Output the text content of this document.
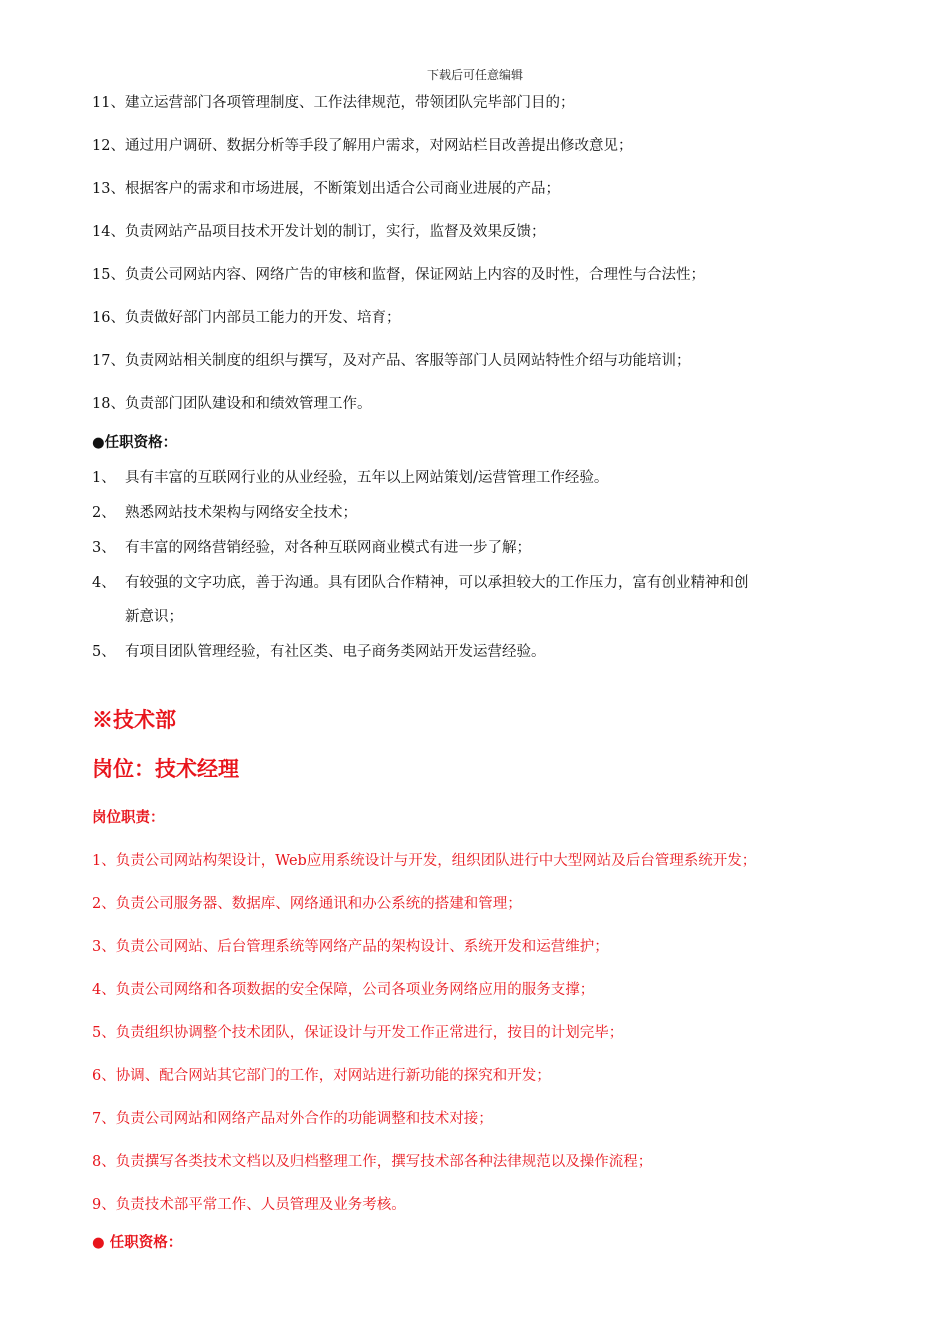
下载后可任意编辑
11、建立运营部门各项管理制度、工作法律规范，带领团队完毕部门目的；
12、通过用户调研、数据分析等手段了解用户需求，对网站栏目改善提出修改意见；
13、根据客户的需求和市场进展，不断策划出适合公司商业进展的产品；
14、负责网站产品项目技术开发计划的制订，实行，监督及效果反馈；
15、负责公司网站内容、网络广告的审核和监督，保证网站上内容的及时性，合理性与合法性；
16、负责做好部门内部员工能力的开发、培育；
17、负责网站相关制度的组织与撰写，及对产品、客服等部门人员网站特性介绍与功能培训；
18、负责部门团队建设和和绩效管理工作。
●任职资格：
1、 具有丰富的互联网行业的从业经验，五年以上网站策划/运营管理工作经验。
2、 熟悉网站技术架构与网络安全技术；
3、 有丰富的网络营销经验，对各种互联网商业模式有进一步了解；
4、 有较强的文字功底，善于沟通。具有团队合作精神，可以承担较大的工作压力，富有创业精神和创
新意识；
5、 有项目团队管理经验，有社区类、电子商务类网站开发运营经验。
※技术部
岗位：技术经理
岗位职责：
1、负责公司网站构架设计，Web应用系统设计与开发，组织团队进行中大型网站及后台管理系统开发；
2、负责公司服务器、数据库、网络通讯和办公系统的搭建和管理；
3、负责公司网站、后台管理系统等网络产品的架构设计、系统开发和运营维护；
4、负责公司网络和各项数据的安全保障，公司各项业务网络应用的服务支撑；
5、负责组织协调整个技术团队，保证设计与开发工作正常进行，按目的计划完毕；
6、协调、配合网站其它部门的工作，对网站进行新功能的探究和开发；
7、负责公司网站和网络产品对外合作的功能调整和技术对接；
8、负责撰写各类技术文档以及归档整理工作，撰写技术部各种法律规范以及操作流程；
9、负责技术部平常工作、人员管理及业务考核。
● 任职资格：
